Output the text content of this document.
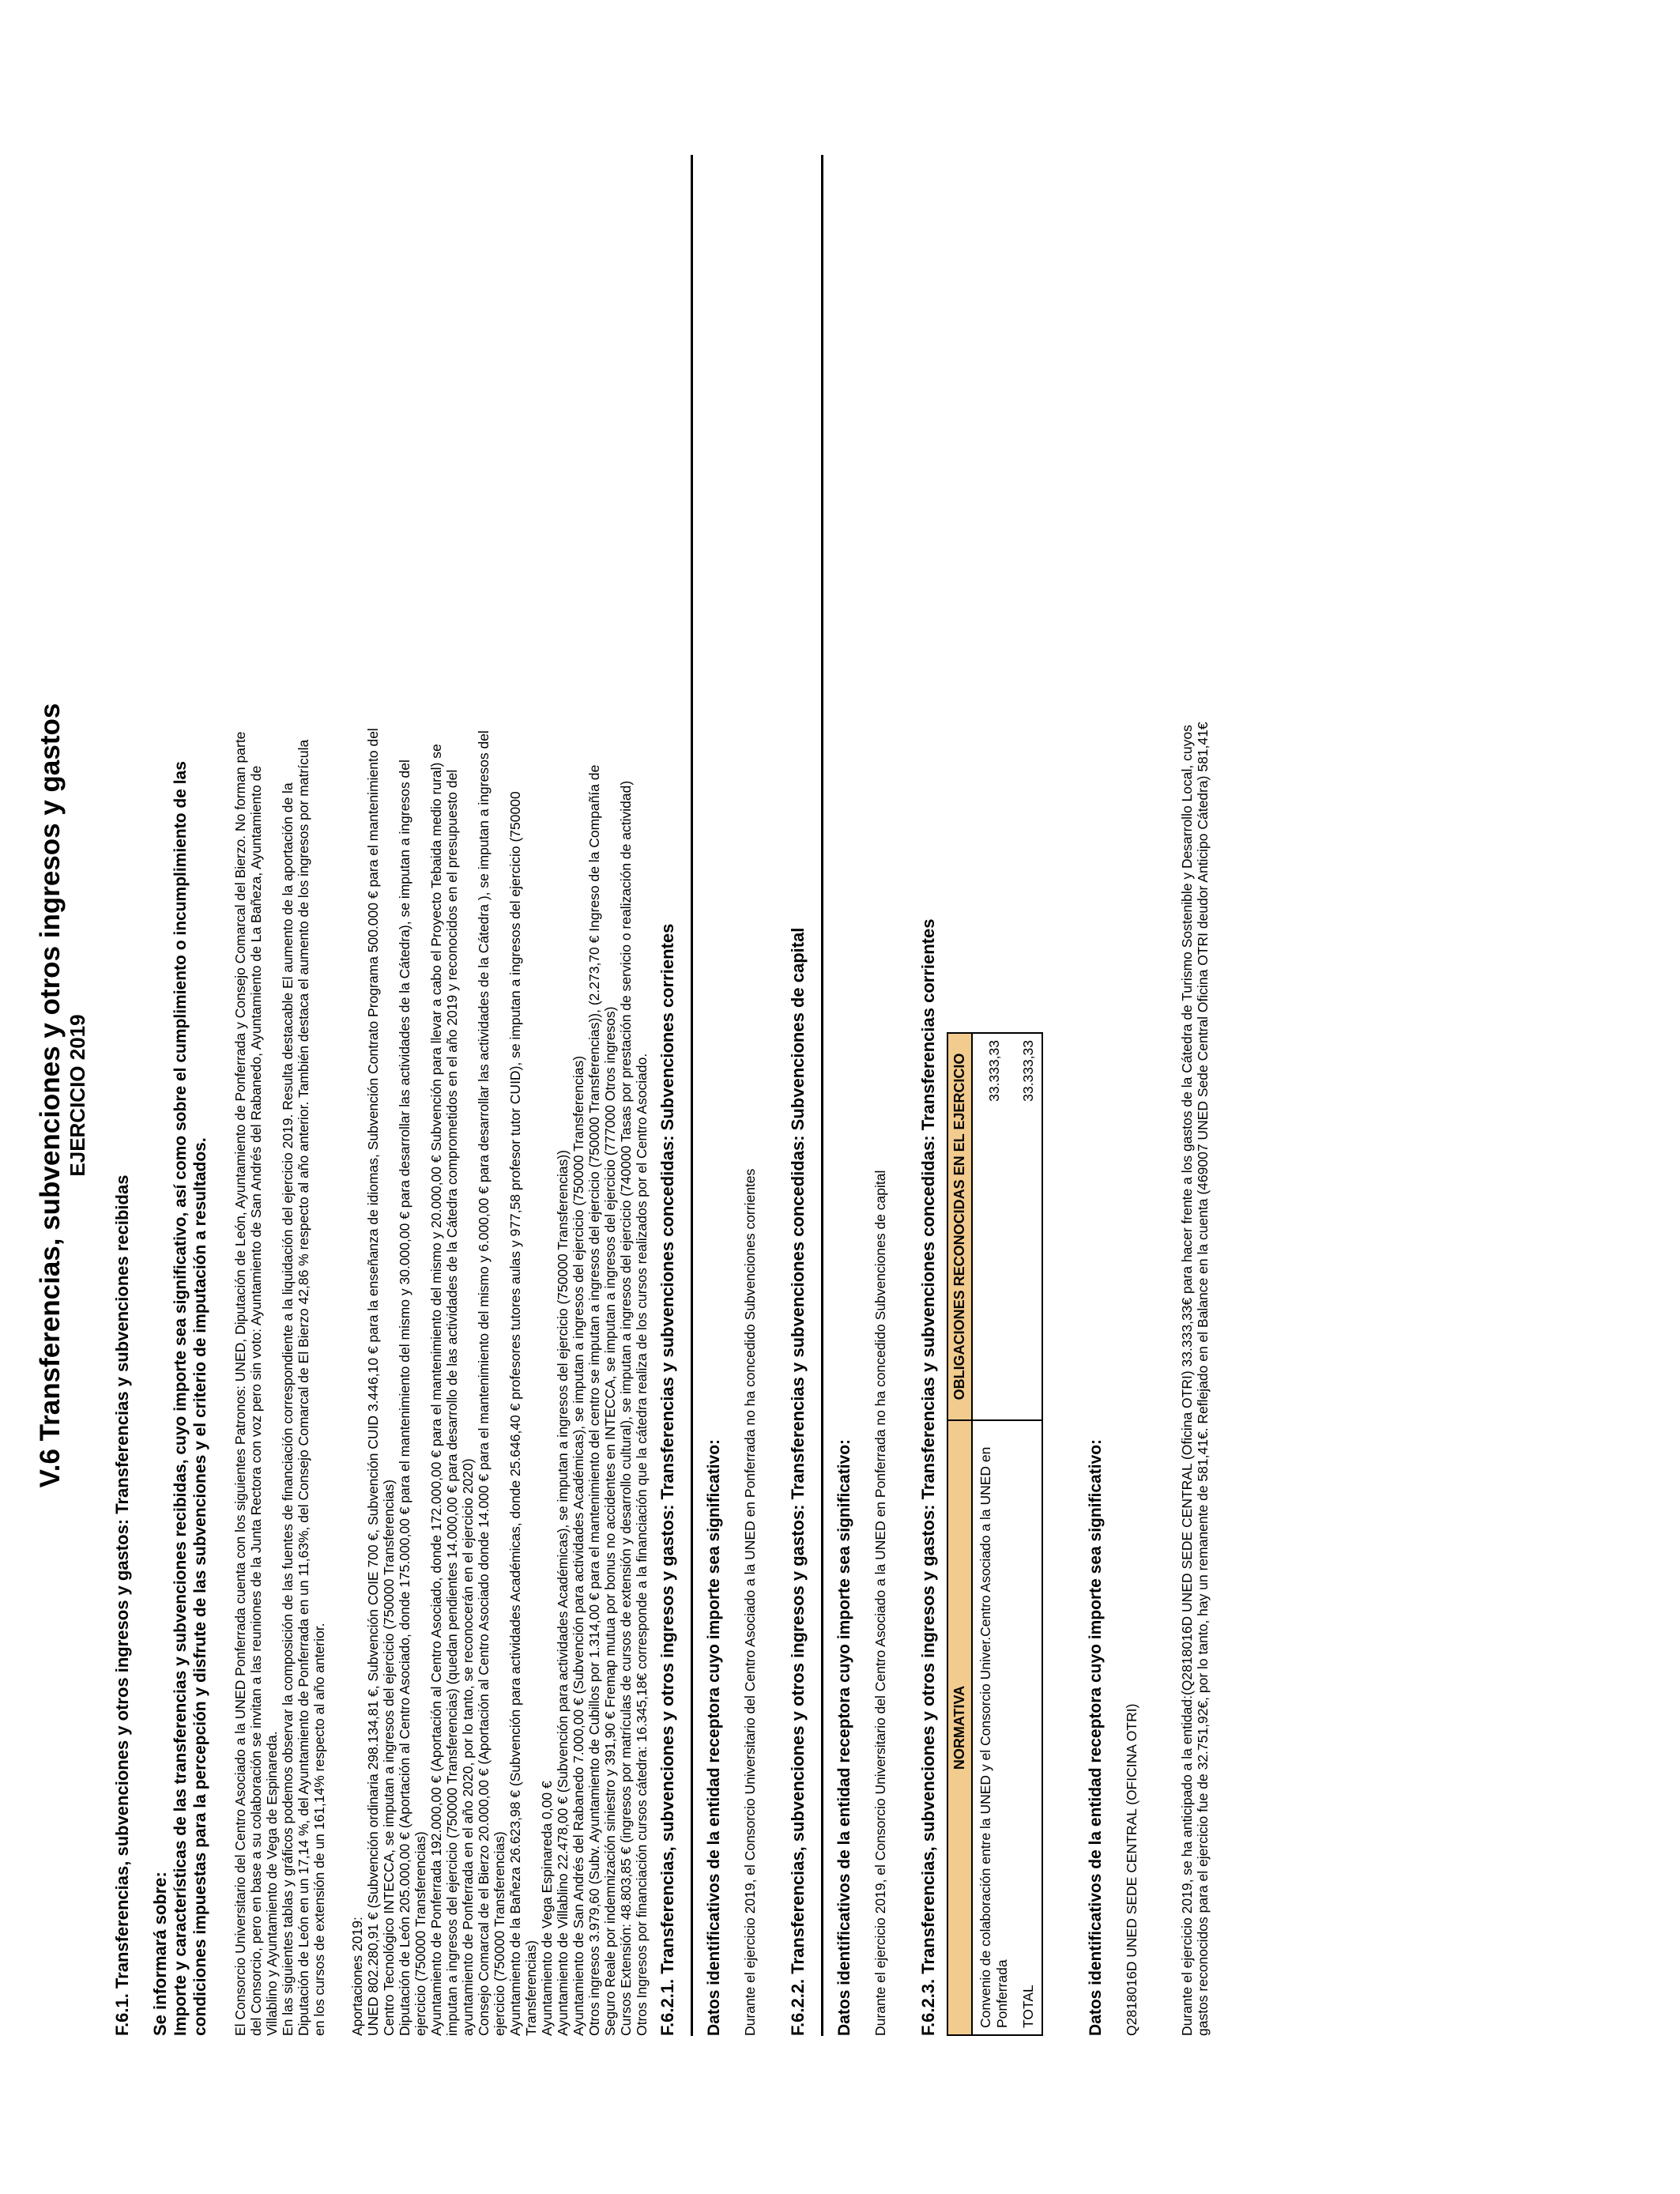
V.6 Transferencias, subvenciones y otros ingresos y gastos EJERCICIO 2019
F.6.1. Transferencias, subvenciones y otros ingresos y gastos: Transferencias y subvenciones recibidas Se informará sobre: Importe y características de las transferencias y subvenciones recibidas, cuyo importe sea significativo, así como sobre el cumplimiento o incumplimiento de las condiciones impuestas para la percepción y disfrute de las subvenciones y el criterio de imputación a resultados. El Consorcio Universitario del Centro Asociado a la UNED Ponferrada cuenta con los siguientes Patronos: UNED, Diputación de León, Ayuntamiento de Ponferrada y Consejo Comarcal del Bierzo. No forman parte del Consorcio, pero en base a su colaboración se invitan a las reuniones de la Junta Rectora con voz pero sin voto: Ayuntamiento de San Andrés del Rabanedo, Ayuntamiento de La Bañeza, Ayuntamiento de Villablino y Ayuntamiento de Vega de Espinareda. En las siguientes tablas y gráficos podemos observar la composición de las fuentes de financiación correspondiente a la liquidación del ejercicio 2019. Resulta destacable El aumento de la aportación de la Diputación de León en un 17,14 %, del Ayuntamiento de Ponferrada en un 11,63%, del Consejo Comarcal de El Bierzo 42,86 % respecto al año anterior. También destaca el aumento de los ingresos por matrícula en los cursos de extensión de un 161,14% respecto al año anterior. Aportaciones 2019: UNED 802.280,91 € (Subvención ordinaria 298.134,81 €, Subvención COIE 700 €, Subvención CUID 3.446,10 € para la enseñanza de idiomas, Subvención Contrato Programa 500.000 € para el mantenimiento del Centro Tecnológico INTECCA, se imputan a ingresos del ejercicio (750000 Transferencias) Diputación de León 205.000,00 € (Aportación al Centro Asociado, donde 175.000,00 € para el mantenimiento del mismo y 30.000,00 € para desarrollar las actividades de la Cátedra), se imputan a ingresos del ejercicio (750000 Transferencias) Ayuntamiento de Ponferrada 192.000,00 € (Aportación al Centro Asociado, donde 172.000,00 € para el mantenimiento del mismo y 20.000,00 € Subvención para llevar a cabo el Proyecto Tebaida medio rural) se imputan a ingresos del ejercicio (750000 Transferencias) (quedan pendientes 14.000,00 € para desarrollo de las actividades de la Cátedra comprometidos en el año 2019 y reconocidos en el presupuesto del ayuntamiento de Ponferrada en el año 2020, por lo tanto, se reconocerán en el ejercicio 2020) Consejo Comarcal de el Bierzo 20.000,00 € (Aportación al Centro Asociado donde 14.000 € para el mantenimiento del mismo y 6.000,00 € para desarrollar las actividades de la Cátedra ), se imputan a ingresos del ejercicio (750000 Transferencias) Ayuntamiento de la Bañeza 26.623,98 € (Subvención para actividades Académicas, donde 25.646,40 € profesores tutores aulas y 977,58 profesor tutor CUID), se imputan a ingresos del ejercicio (750000 Transferencias) Ayuntamiento de Vega Espinareda 0,00 € Ayuntamiento de Villablino 22.478,00 € (Subvención para actividades Académicas), se imputan a ingresos del ejercicio (750000 Transferencias)) Ayuntamiento de San Andrés del Rabanedo 7.000,00 € (Subvención para actividades Académicas), se imputan a ingresos del ejercicio (750000 Transferencias) Otros ingresos 3.979,60 (Subv. Ayuntamiento de Cubillos por 1.314,00 € para el mantenimiento del centro se imputan a ingresos del ejercicio (750000 Transferencias)), (2.273,70 € Ingreso de la Compañía de Seguro Reale por indemnización siniestro y 391,90 € Fremap mutua por bonus no accidentes en INTECCA, se imputan a ingresos del ejercicio (777000 Otros ingresos) Cursos Extensión: 48.803,85 € (ingresos por matrículas de cursos de extensión y desarrollo cultural), se imputan a ingresos del ejercicio (740000 Tasas por prestación de servicio o realización de actividad) Otros Ingresos por financiación cursos cátedra: 16.345,18€ corresponde a la financiación que la cátedra realiza de los cursos realizados por el Centro Asociado. F.6.2.1. Transferencias, subvenciones y otros ingresos y gastos: Transferencias y subvenciones concedidas: Subvenciones corrientes Datos identificativos de la entidad receptora cuyo importe sea significativo: Durante el ejercicio 2019, el Consorcio Universitario del Centro Asociado a la UNED en Ponferrada no ha concedido Subvenciones corrientes F.6.2.2. Transferencias, subvenciones y otros ingresos y gastos: Transferencias y subvenciones concedidas: Subvenciones de capital Datos identificativos de la entidad receptora cuyo importe sea significativo: Durante el ejercicio 2019, el Consorcio Universitario del Centro Asociado a la UNED en Ponferrada no ha concedido Subvenciones de capital F.6.2.3. Transferencias, subvenciones y otros ingresos y gastos: Transferencias y subvenciones concedidas: Transferencias corrientes NORMATIVA	OBLIGACIONES RECONOCIDAS EN EL EJERCICIO
Convenio de colaboración entre la UNED y el Consorcio Univer.Centro Asociado a la UNED en Ponferrada	33.333,33
TOTAL	33.333,33
Datos identificativos de la entidad receptora cuyo importe sea significativo: Q2818016D UNED SEDE CENTRAL (OFICINA OTRI)	Durante el ejercicio 2019, se ha anticipado a la entidad:(Q2818016D UNED SEDE CENTRAL (Oficina OTRI) 33.333,33€ para hacer frente a los gastos de la Cátedra de Turismo Sostenible y Desarrollo Local, cuyos gastos reconocidos para el ejercicio fue de 32.751,92€, por lo tanto, hay un remanente de 581,41€. Reflejado en el Balance en la cuenta (469007 UNED Sede Central Oficina OTRI deudor Anticipo Cátedra) 581,41€
